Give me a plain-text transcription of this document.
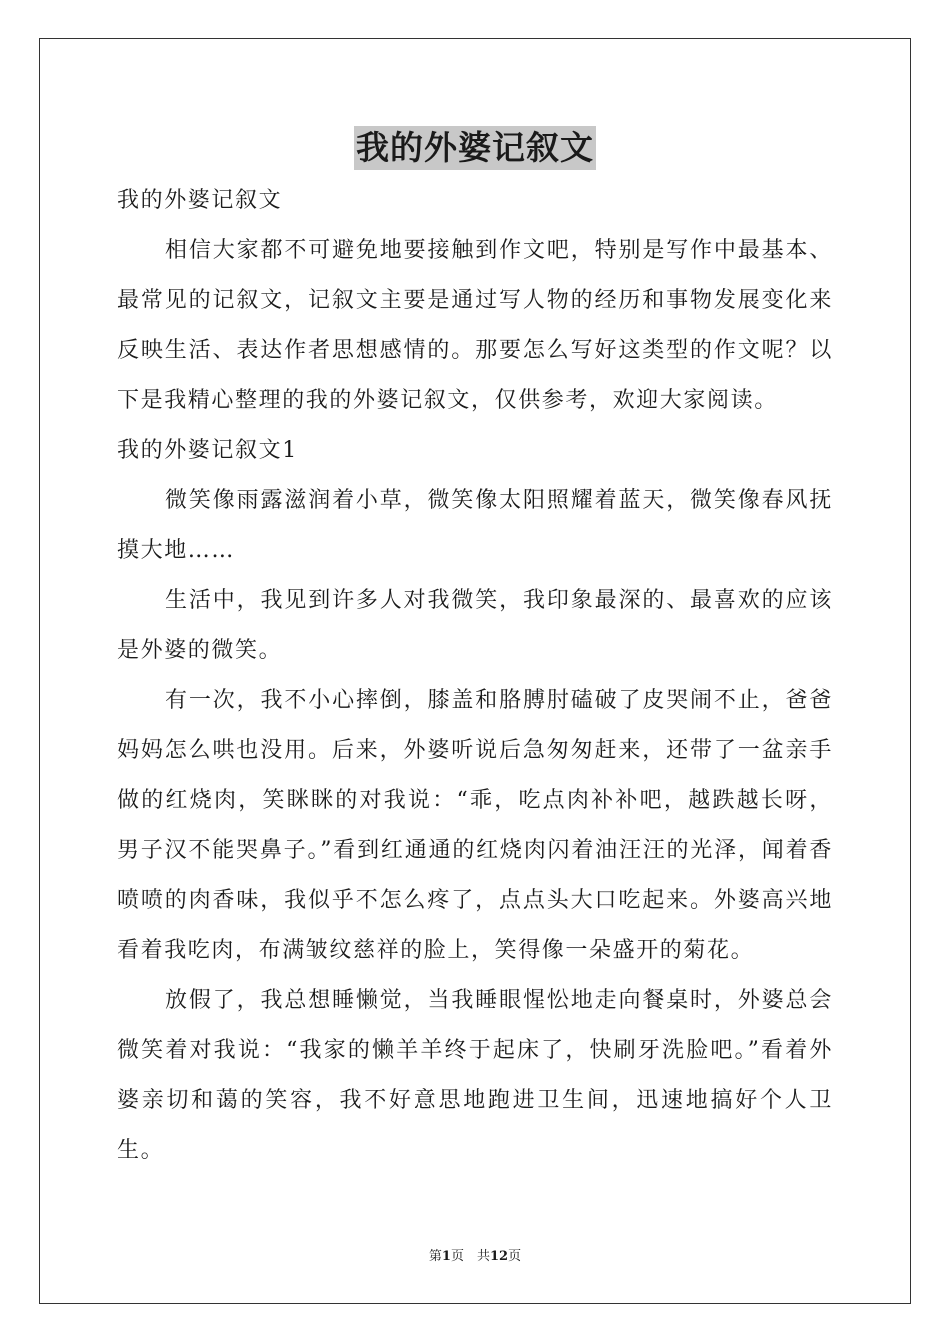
我的外婆记叙文

我的外婆记叙文

相信大家都不可避免地要接触到作文吧，特别是写作中最基本、最常见的记叙文，记叙文主要是通过写人物的经历和事物发展变化来反映生活、表达作者思想感情的。那要怎么写好这类型的作文呢？以下是我精心整理的我的外婆记叙文，仅供参考，欢迎大家阅读。

我的外婆记叙文1

微笑像雨露滋润着小草，微笑像太阳照耀着蓝天，微笑像春风抚摸大地……

生活中，我见到许多人对我微笑，我印象最深的、最喜欢的应该是外婆的微笑。

有一次，我不小心摔倒，膝盖和胳膊肘磕破了皮哭闹不止，爸爸妈妈怎么哄也没用。后来，外婆听说后急匆匆赶来，还带了一盆亲手做的红烧肉，笑眯眯的对我说：“乖，吃点肉补补吧，越跌越长呀，男子汉不能哭鼻子。”看到红通通的红烧肉闪着油汪汪的光泽，闻着香喷喷的肉香味，我似乎不怎么疼了，点点头大口吃起来。外婆高兴地看着我吃肉，布满皱纹慈祥的脸上，笑得像一朵盛开的菊花。

放假了，我总想睡懒觉，当我睡眼惺忪地走向餐桌时，外婆总会微笑着对我说：“我家的懒羊羊终于起床了，快刷牙洗脸吧。”看着外婆亲切和蔼的笑容，我不好意思地跑进卫生间，迅速地搞好个人卫生。

第1页　共12页
